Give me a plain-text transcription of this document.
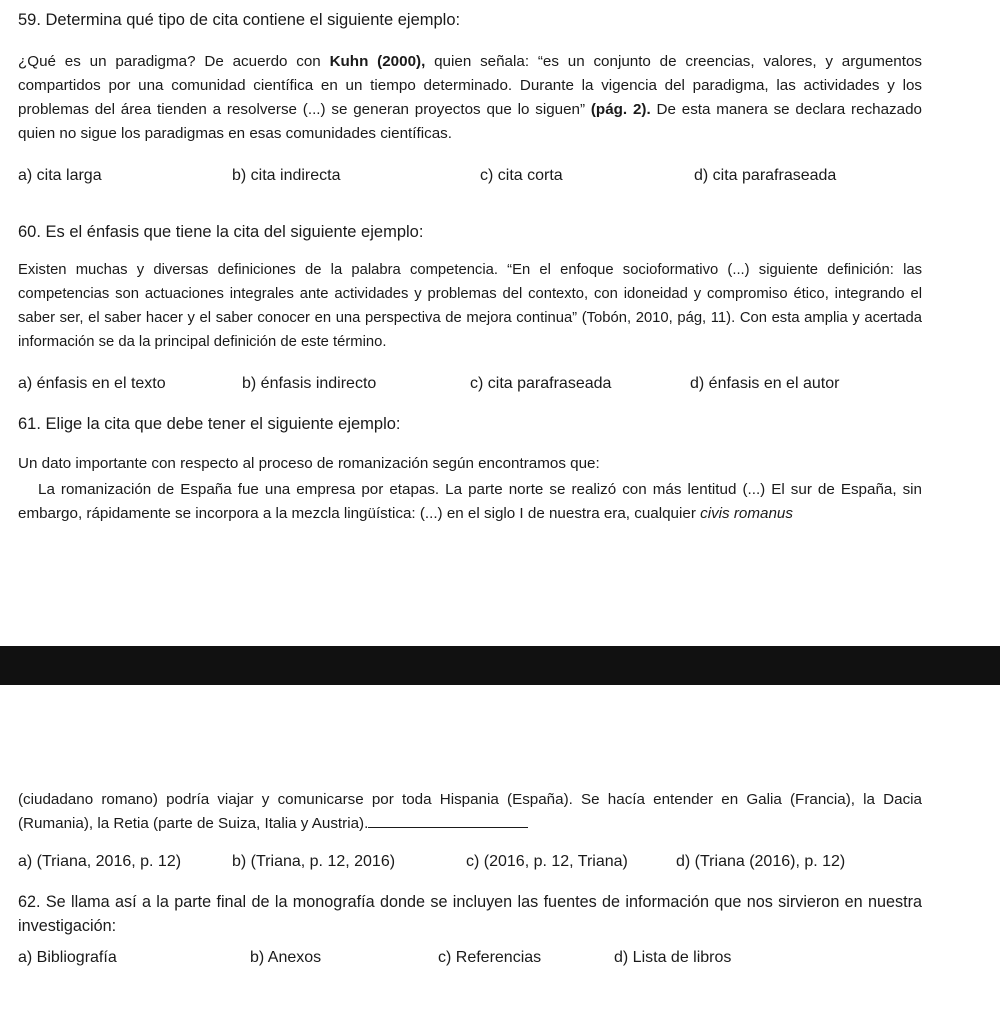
59. Determina qué tipo de cita contiene el siguiente ejemplo:

¿Qué es un paradigma? De acuerdo con Kuhn (2000), quien señala: “es un conjunto de creencias, valores, y argumentos compartidos por una comunidad científica en un tiempo determinado. Durante la vigencia del paradigma, las actividades y los problemas del área tienden a resolverse (...) se generan proyectos que lo siguen” (pág. 2). De esta manera se declara rechazado quien no sigue los paradigmas en esas comunidades científicas.

a) cita larga	b) cita indirecta	c) cita corta	d) cita parafraseada

60. Es el énfasis que tiene la cita del siguiente ejemplo:

Existen muchas y diversas definiciones de la palabra competencia. “En el enfoque socioformativo (...) siguiente definición: las competencias son actuaciones integrales ante actividades y problemas del contexto, con idoneidad y compromiso ético, integrando el saber ser, el saber hacer y el saber conocer en una perspectiva de mejora continua” (Tobón, 2010, pág, 11). Con esta amplia y acertada información se da la principal definición de este término.

a) énfasis en el texto	b) énfasis indirecto	c) cita parafraseada	d) énfasis en el autor

61. Elige la cita que debe tener el siguiente ejemplo:

Un dato importante con respecto al proceso de romanización según encontramos que:

La romanización de España fue una empresa por etapas. La parte norte se realizó con más lentitud (...) El sur de España, sin embargo, rápidamente se incorpora a la mezcla lingüística: (...) en el siglo I de nuestra era, cualquier civis romanus

(ciudadano romano) podría viajar y comunicarse por toda Hispania (España). Se hacía entender en Galia (Francia), la Dacia (Rumania), la Retia (parte de Suiza, Italia y Austria).

a) (Triana, 2016, p. 12)	b) (Triana, p. 12, 2016)	c) (2016, p. 12, Triana)	d) (Triana (2016), p. 12)

62. Se llama así a la parte final de la monografía donde se incluyen las fuentes de información que nos sirvieron en nuestra investigación:

a) Bibliografía	b) Anexos	c) Referencias	d) Lista de libros
